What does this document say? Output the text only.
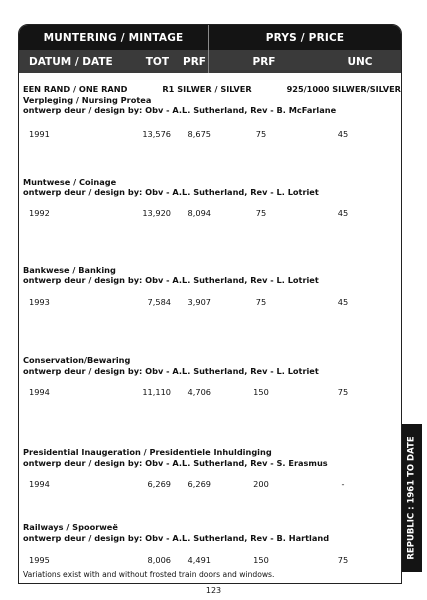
MUNTERING / MINTAGE	PRYS / PRICE
DATUM / DATE	TOT	PRF	PRF	UNC
EEN RAND / ONE RAND	R1 SILWER / SILVER	925/1000 SILWER/SILVER
Verpleging / Nursing Protea
ontwerp deur / design by: Obv - A.L. Sutherland, Rev - B. McFarlane
1991	13,576	8,675	75	45
Muntwese / Coinage
ontwerp deur / design by: Obv - A.L. Sutherland, Rev - L. Lotriet
1992	13,920	8,094	75	45
Bankwese / Banking
ontwerp deur / design by: Obv - A.L. Sutherland, Rev - L. Lotriet
1993	7,584	3,907	75	45
Conservation/Bewaring
ontwerp deur / design by: Obv - A.L. Sutherland, Rev - L. Lotriet
1994	11,110	4,706	150	75
Presidential Inaugeration / Presidentiele Inhuldinging
ontwerp deur / design by: Obv - A.L. Sutherland, Rev - S. Erasmus
1994	6,269	6,269	200	-
Railways / Spoorweë
ontwerp deur / design by: Obv - A.L. Sutherland, Rev - B. Hartland
1995	8,006	4,491	150	75
Variations exist with and without frosted train doors and windows.
REPUBLIC : 1961 TO DATE
123
